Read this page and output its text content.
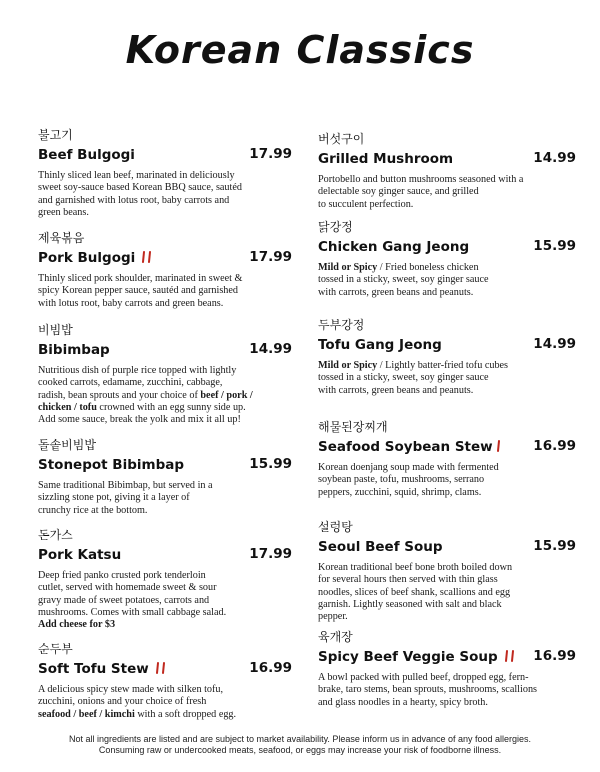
Korean Classics
불고기
Beef Bulgogi	17.99
Thinly sliced lean beef, marinated in deliciously
sweet soy-sauce based Korean BBQ sauce, sautéd
and garnished with lotus root, baby carrots and
green beans.
제육볶음
Pork Bulgogi	17.99
Thinly sliced pork shoulder, marinated in sweet &
spicy Korean pepper sauce, sautéd and garnished
with lotus root, baby carrots and green beans.
비빔밥
Bibimbap	14.99
Nutritious dish of purple rice topped with lightly
cooked carrots, edamame, zucchini, cabbage,
radish, bean sprouts and your choice of beef / pork /
chicken / tofu crowned with an egg sunny side up.
Add some sauce, break the yolk and mix it all up!
돌솥비빔밥
Stonepot Bibimbap	15.99
Same traditional Bibimbap, but served in a
sizzling stone pot, giving it a layer of
crunchy rice at the bottom.
돈가스
Pork Katsu	17.99
Deep fried panko crusted pork tenderloin
cutlet, served with homemade sweet & sour
gravy made of sweet potatoes, carrots and
mushrooms. Comes with small cabbage salad.
Add cheese for $3
순두부
Soft Tofu Stew	16.99
A delicious spicy stew made with silken tofu,
zucchini, onions and your choice of fresh
seafood / beef / kimchi with a soft dropped egg.
버섯구이
Grilled Mushroom	14.99
Portobello and button mushrooms seasoned with a
delectable soy ginger sauce, and grilled
to succulent perfection.
닭강정
Chicken Gang Jeong	15.99
Mild or Spicy / Fried boneless chicken
tossed in a sticky, sweet, soy ginger sauce
with carrots, green beans and peanuts.
두부강정
Tofu Gang Jeong	14.99
Mild or Spicy / Lightly batter-fried tofu cubes
tossed in a sticky, sweet, soy ginger sauce
with carrots, green beans and peanuts.
해물된장찌개
Seafood Soybean Stew	16.99
Korean doenjang soup made with fermented
soybean paste, tofu, mushrooms, serrano
peppers, zucchini, squid, shrimp, clams.
설렁탕
Seoul Beef Soup	15.99
Korean traditional beef bone broth boiled down
for several hours then served with thin glass
noodles, slices of beef shank, scallions and egg
garnish. Lightly seasoned with salt and black
pepper.
육개장
Spicy Beef Veggie Soup	16.99
A bowl packed with pulled beef, dropped egg, fern-
brake, taro stems, bean sprouts, mushrooms, scallions
and glass noodles in a hearty, spicy broth.
Not all ingredients are listed and are subject to market availability. Please inform us in advance of any food allergies.
Consuming raw or undercooked meats, seafood, or eggs may increase your risk of foodborne illness.
